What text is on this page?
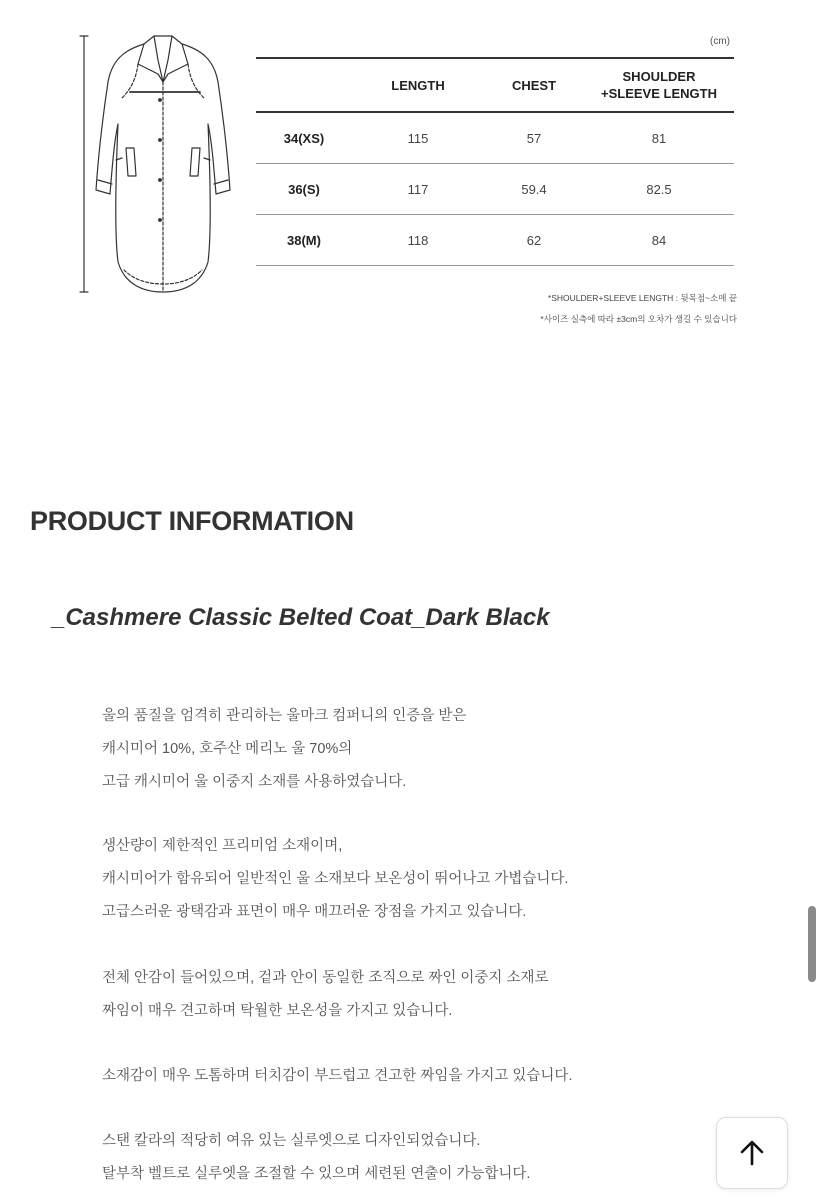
(cm)
	LENGTH	CHEST	SHOULDER
+SLEEVE LENGTH
34(XS)	115	57	81
36(S)	117	59.4	82.5
38(M)	118	62	84
*SHOULDER+SLEEVE LENGTH : 뒷목점~소매 끝
*사이즈 실측에 따라 ±3cm의 오차가 생길 수 있습니다
PRODUCT INFORMATION
_Cashmere Classic Belted Coat_Dark Black
울의 품질을 엄격히 관리하는 울마크 컴퍼니의 인증을 받은
캐시미어 10%, 호주산 메리노 울 70%의
고급 캐시미어 울 이중지 소재를 사용하였습니다.
생산량이 제한적인 프리미엄 소재이며,
캐시미어가 함유되어 일반적인 울 소재보다 보온성이 뛰어나고 가볍습니다.
고급스러운 광택감과 표면이 매우 매끄러운 장점을 가지고 있습니다.
전체 안감이 들어있으며, 겉과 안이 동일한 조직으로 짜인 이중지 소재로
짜임이 매우 견고하며 탁월한 보온성을 가지고 있습니다.
소재감이 매우 도톰하며 터치감이 부드럽고 견고한 짜임을 가지고 있습니다.
스탠 칼라의 적당히 여유 있는 실루엣으로 디자인되었습니다.
탈부착 벨트로 실루엣을 조절할 수 있으며 세련된 연출이 가능합니다.
